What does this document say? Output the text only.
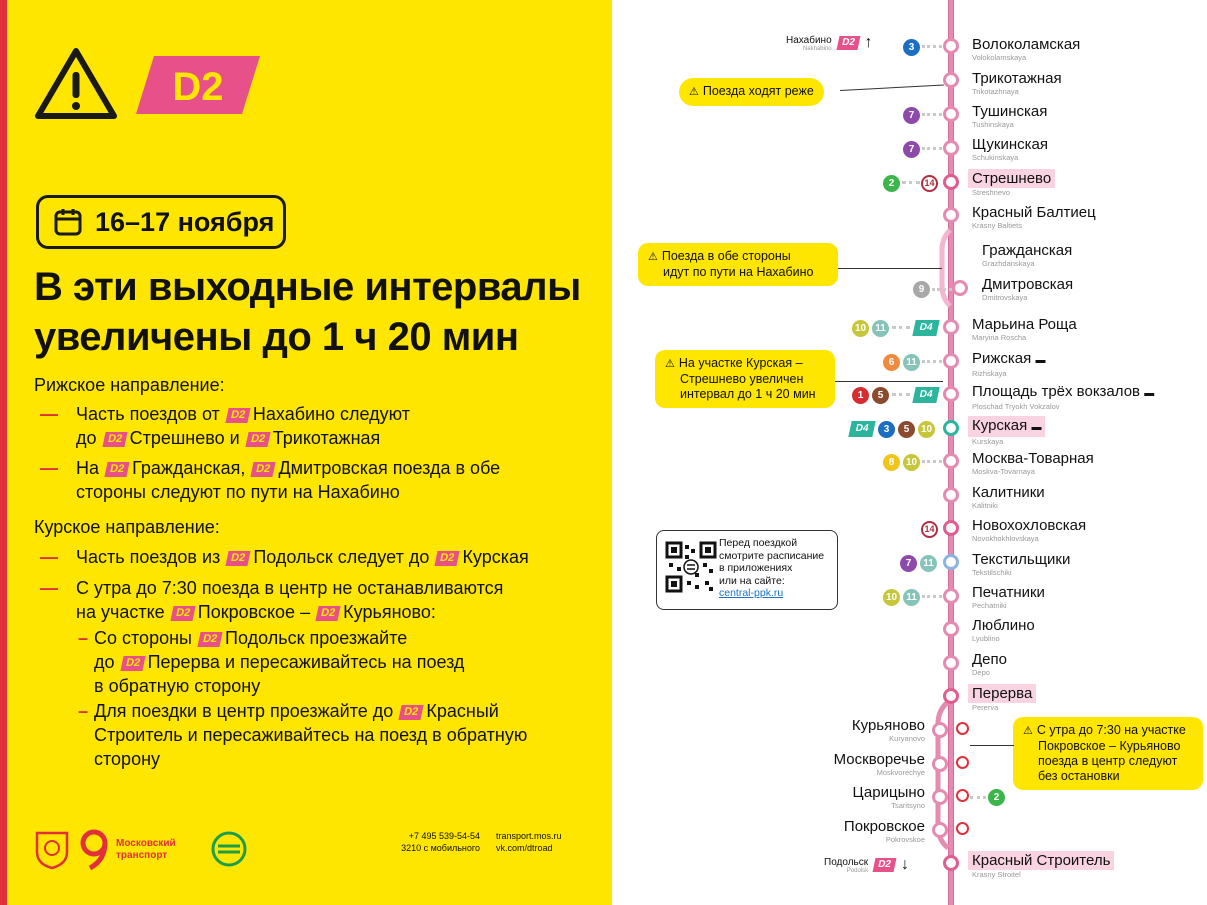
D2
16–17 ноября
В эти выходные интервалы
увеличены до 1 ч 20 мин
Рижское направление:
—	Часть поездов от D2 Нахабино следуют
до D2 Стрешнево и D2 Трикотажная
—	На D2 Гражданская, D2 Дмитровская поезда в обе
стороны следуют по пути на Нахабино
Курское направление:
—	Часть поездов из D2 Подольск следует до D2 Курская
—	С утра до 7:30 поезда в центр не останавливаются
на участке D2 Покровское – D2 Курьяново:
– Со стороны D2 Подольск проезжайте
до D2 Перерва и пересаживайтесь на поезд
в обратную сторону
– Для поездки в центр проезжайте до D2 Красный
Строитель и пересаживайтесь на поезд в обратную
сторону
Московский
транспорт
+7 495 539-54-54
3210 с мобильного
transport.mos.ru
vk.com/dtroad
Нахабино
Nakhabino
D2 ↑
Подольск
Podolsk
D2 ↓
Волоколамская
Volokolamskaya
Трикотажная
Trikotazhnaya
Тушинская
Tushinskaya
Щукинская
Schukinskaya
Стрешнево
Streshnevo
Красный Балтиец
Krasny Baltiets
Гражданская
Grazhdanskaya
Дмитровская
Dmitrovskaya
Марьина Роща
Maryina Roscha
Рижская ▬
Rizhskaya
Площадь трёх вокзалов ▬
Ploschad Tryokh Vokzalov
Курская ▬
Kurskaya
Москва-Товарная
Moskva-Tovarnaya
Калитники
Kalitniki
Новохохловская
Novokhokhlovskaya
Текстильщики
Tekstilschiki
Печатники
Pechatniki
Люблино
Lyublino
Депо
Depo
Перерва
Pererva
Курьяново
Kuryanovo
Москворечье
Moskvorechye
Царицыно
Tsaritsyno
Покровское
Pokrovskoe
Красный Строитель
Krasny Stroitel
3
7
7
2	14
9
10 11	D4
6	11
1	5	D4
D4	3	5	10
8	10
14
7	11
10 11
2
⚠ Поезда ходят реже
⚠ Поезда в обе стороны
идут по пути на Нахабино
⚠ На участке Курская –
Стрешнево увеличен
интервал до 1 ч 20 мин
⚠ С утра до 7:30 на участке
Покровское – Курьяново
поезда в центр следуют
без остановки
Перед поездкой
смотрите расписание
в приложениях
или на сайте:
central-ppk.ru
